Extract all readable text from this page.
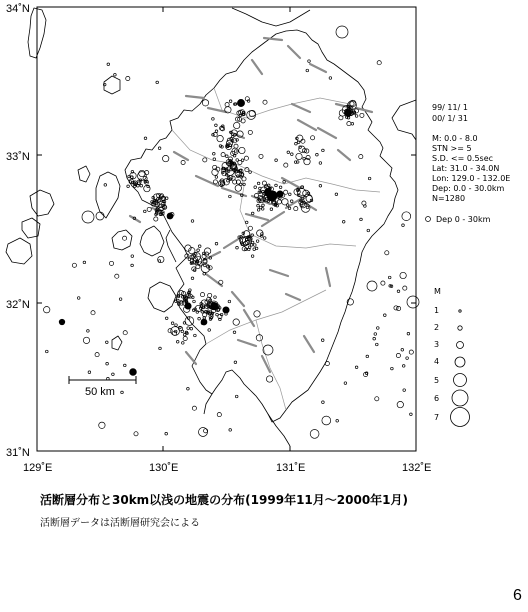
34˚N
33˚N
32˚N
31˚N
129˚E	130˚E	131˚E	132˚E
50 km
99/ 11/ 1
00/ 1/ 31
M: 0.0 - 8.0
STN >= 5
S.D. <= 0.5sec
Lat: 31.0 - 34.0N
Lon: 129.0 - 132.0E
Dep: 0.0 - 30.0km
N=1280
Dep 0 - 30km
M
1
2
3
4
5
6
7
活断層分布と30km以浅の地震の分布(1999年11月～2000年1月)
活断層データは活断層研究会による
6
